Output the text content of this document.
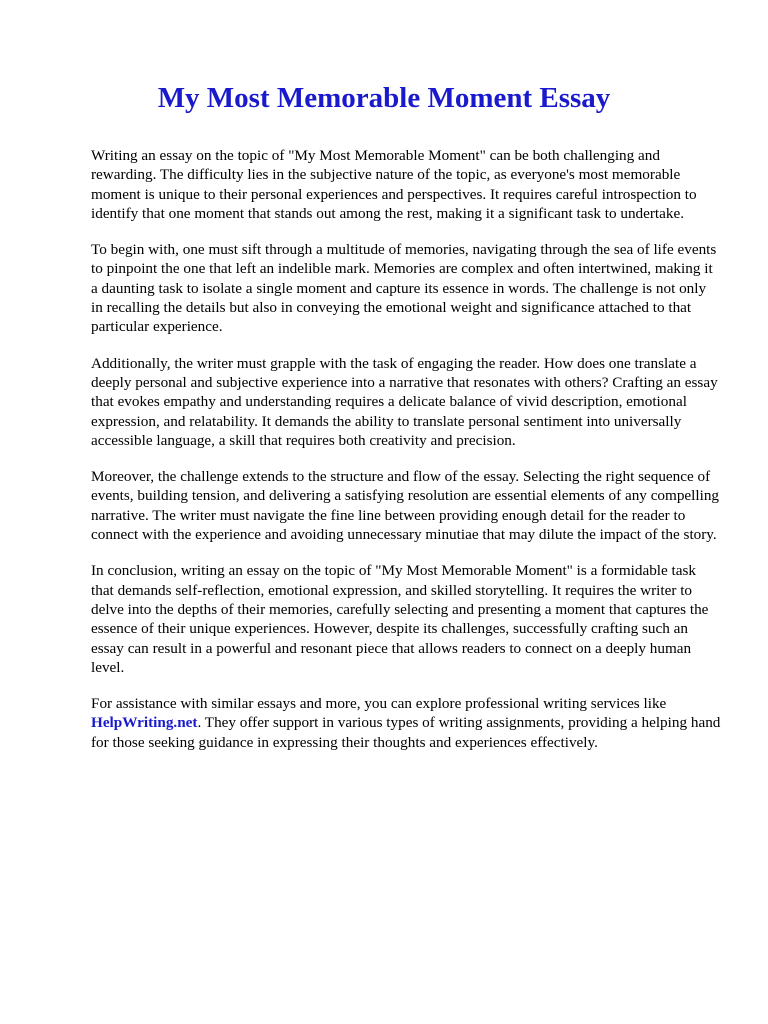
My Most Memorable Moment Essay

Writing an essay on the topic of "My Most Memorable Moment" can be both challenging and rewarding. The difficulty lies in the subjective nature of the topic, as everyone's most memorable moment is unique to their personal experiences and perspectives. It requires careful introspection to identify that one moment that stands out among the rest, making it a significant task to undertake.

To begin with, one must sift through a multitude of memories, navigating through the sea of life events to pinpoint the one that left an indelible mark. Memories are complex and often intertwined, making it a daunting task to isolate a single moment and capture its essence in words. The challenge is not only in recalling the details but also in conveying the emotional weight and significance attached to that particular experience.

Additionally, the writer must grapple with the task of engaging the reader. How does one translate a deeply personal and subjective experience into a narrative that resonates with others? Crafting an essay that evokes empathy and understanding requires a delicate balance of vivid description, emotional expression, and relatability. It demands the ability to translate personal sentiment into universally accessible language, a skill that requires both creativity and precision.

Moreover, the challenge extends to the structure and flow of the essay. Selecting the right sequence of events, building tension, and delivering a satisfying resolution are essential elements of any compelling narrative. The writer must navigate the fine line between providing enough detail for the reader to connect with the experience and avoiding unnecessary minutiae that may dilute the impact of the story.

In conclusion, writing an essay on the topic of "My Most Memorable Moment" is a formidable task that demands self-reflection, emotional expression, and skilled storytelling. It requires the writer to delve into the depths of their memories, carefully selecting and presenting a moment that captures the essence of their unique experiences. However, despite its challenges, successfully crafting such an essay can result in a powerful and resonant piece that allows readers to connect on a deeply human level.

For assistance with similar essays and more, you can explore professional writing services like HelpWriting.net. They offer support in various types of writing assignments, providing a helping hand for those seeking guidance in expressing their thoughts and experiences effectively.
